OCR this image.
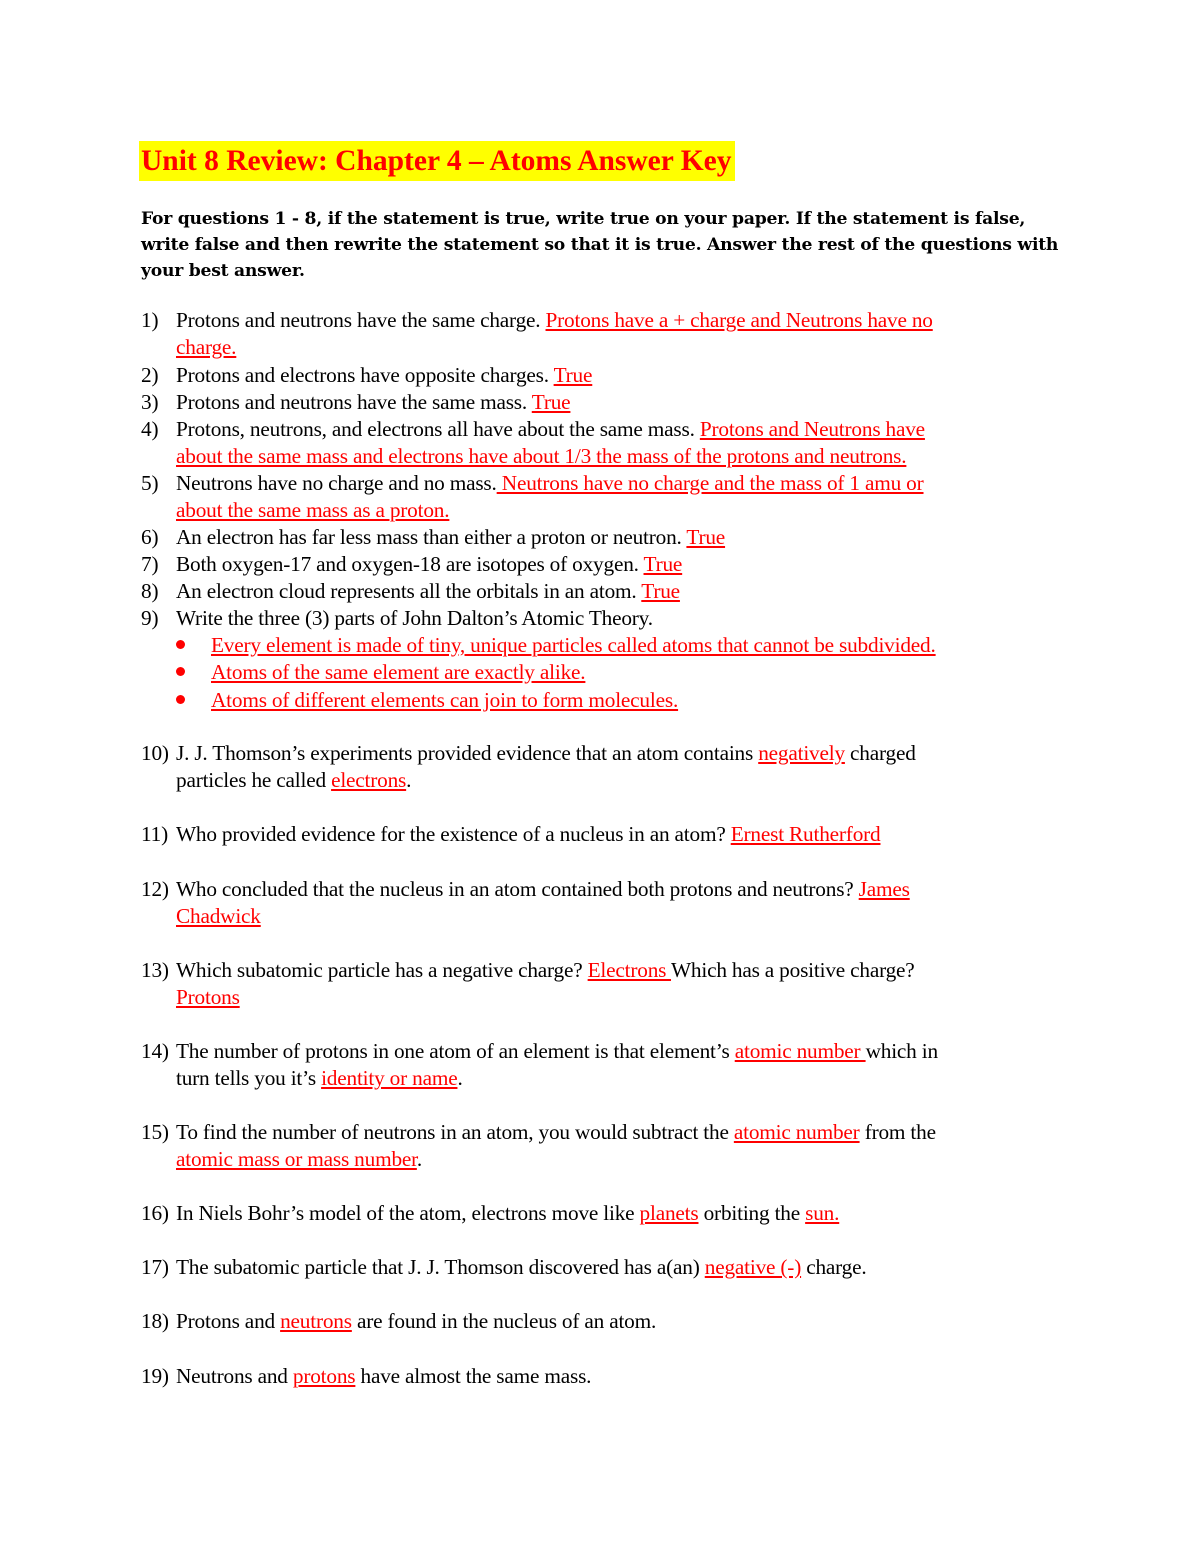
Unit 8 Review: Chapter 4 – Atoms Answer Key
For questions 1 - 8, if the statement is true, write true on your paper. If the statement is false, write false and then rewrite the statement so that it is true. Answer the rest of the questions with your best answer.
1) Protons and neutrons have the same charge. Protons have a + charge and Neutrons have no
charge.
2) Protons and electrons have opposite charges. True
3) Protons and neutrons have the same mass. True
4) Protons, neutrons, and electrons all have about the same mass. Protons and Neutrons have
about the same mass and electrons have about 1/3 the mass of the protons and neutrons.
5) Neutrons have no charge and no mass. Neutrons have no charge and the mass of 1 amu or
about the same mass as a proton.
6) An electron has far less mass than either a proton or neutron. True
7) Both oxygen-17 and oxygen-18 are isotopes of oxygen. True
8) An electron cloud represents all the orbitals in an atom. True
9) Write the three (3) parts of John Dalton’s Atomic Theory.
Every element is made of tiny, unique particles called atoms that cannot be subdivided.
Atoms of the same element are exactly alike.
Atoms of different elements can join to form molecules.
10) J. J. Thomson’s experiments provided evidence that an atom contains negatively charged
particles he called electrons.
11) Who provided evidence for the existence of a nucleus in an atom? Ernest Rutherford
12) Who concluded that the nucleus in an atom contained both protons and neutrons? James
Chadwick
13) Which subatomic particle has a negative charge? Electrons Which has a positive charge?
Protons
14) The number of protons in one atom of an element is that element’s atomic number which in
turn tells you it’s identity or name.
15) To find the number of neutrons in an atom, you would subtract the atomic number from the
atomic mass or mass number.
16) In Niels Bohr’s model of the atom, electrons move like planets orbiting the sun.
17) The subatomic particle that J. J. Thomson discovered has a(an) negative (-) charge.
18) Protons and neutrons are found in the nucleus of an atom.
19) Neutrons and protons have almost the same mass.
